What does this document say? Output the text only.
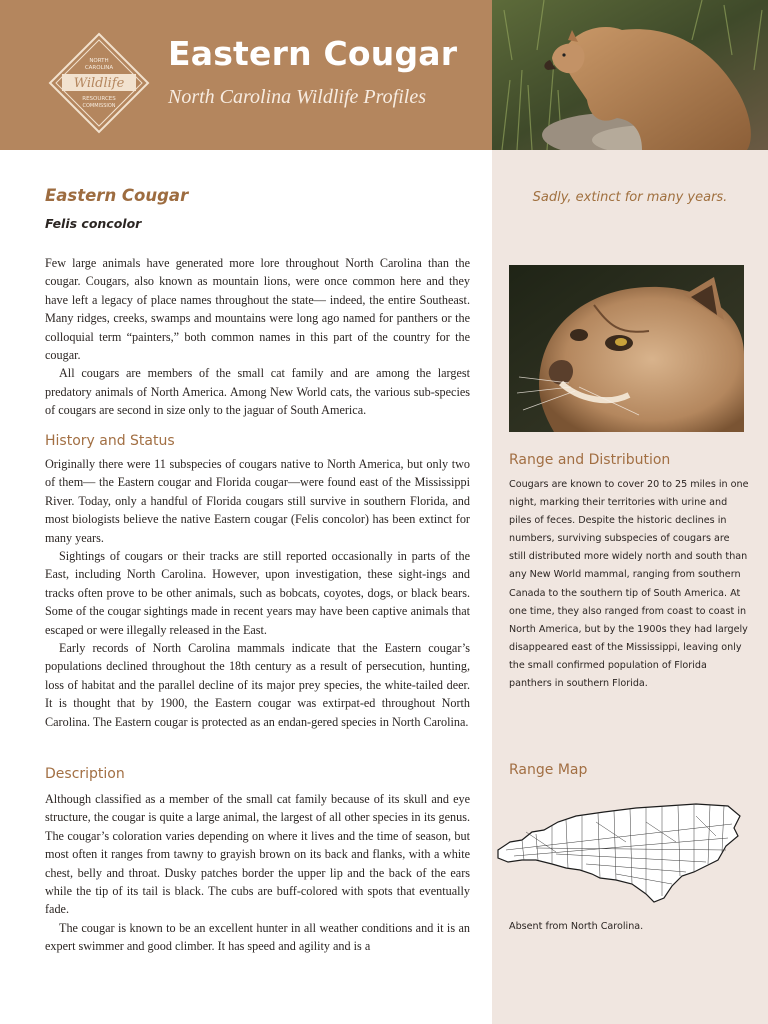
NORTH
CAROLINA
Wildlife
RESOURCES
COMMISSION
Eastern Cougar
North Carolina Wildlife Profiles
Eastern Cougar
Felis concolor

Few large animals have generated more lore throughout North Carolina than the cougar. Cougars, also known as mountain lions, were once common here and they have left a legacy of place names throughout the state— indeed, the entire Southeast. Many ridges, creeks, swamps and mountains were long ago named for panthers or the colloquial term “painters,” both common names in this part of the country for the cougar.

All cougars are members of the small cat family and are among the largest predatory animals of North America. Among New World cats, the various sub-species of cougars are second in size only to the jaguar of South America.

History and Status

Originally there were 11 subspecies of cougars native to North America, but only two of them— the Eastern cougar and Florida cougar—were found east of the Mississippi River. Today, only a handful of Florida cougars still survive in southern Florida, and most biologists believe the native Eastern cougar (Felis concolor) has been extinct for many years.

Sightings of cougars or their tracks are still reported occasionally in parts of the East, including North Carolina. However, upon investigation, these sight-ings and tracks often prove to be other animals, such as bobcats, coyotes, dogs, or black bears. Some of the cougar sightings made in recent years may have been captive animals that escaped or were illegally released in the East.

Early records of North Carolina mammals indicate that the Eastern cougar’s populations declined throughout the 18th century as a result of persecution, hunting, loss of habitat and the parallel decline of its major prey species, the white-tailed deer. It is thought that by 1900, the Eastern cougar was extirpat-ed throughout North Carolina. The Eastern cougar is protected as an endan-gered species in North Carolina.

Description

Although classified as a member of the small cat family because of its skull and eye structure, the cougar is quite a large animal, the largest of all other species in its genus. The cougar’s coloration varies depending on where it lives and the time of season, but most often it ranges from tawny to grayish brown on its back and flanks, with a white chest, belly and throat. Dusky patches border the upper lip and the back of the ears while the tip of its tail is black. The cubs are buff-colored with spots that eventually fade.

The cougar is known to be an excellent hunter in all weather conditions and it is an expert swimmer and good climber. It has speed and agility and is a

Sadly, extinct for many years.
Range and Distribution
Cougars are known to cover 20 to 25 miles in one night, marking their territories with urine and piles of feces. Despite the historic declines in numbers, surviving subspecies of cougars are still distributed more widely north and south than any New World mammal, ranging from southern Canada to the southern tip of South America. At one time, they also ranged from coast to coast in North America, but by the 1900s they had largely disappeared east of the Mississippi, leaving only the small confirmed population of Florida panthers in southern Florida.
Range Map
Absent from North Carolina.
